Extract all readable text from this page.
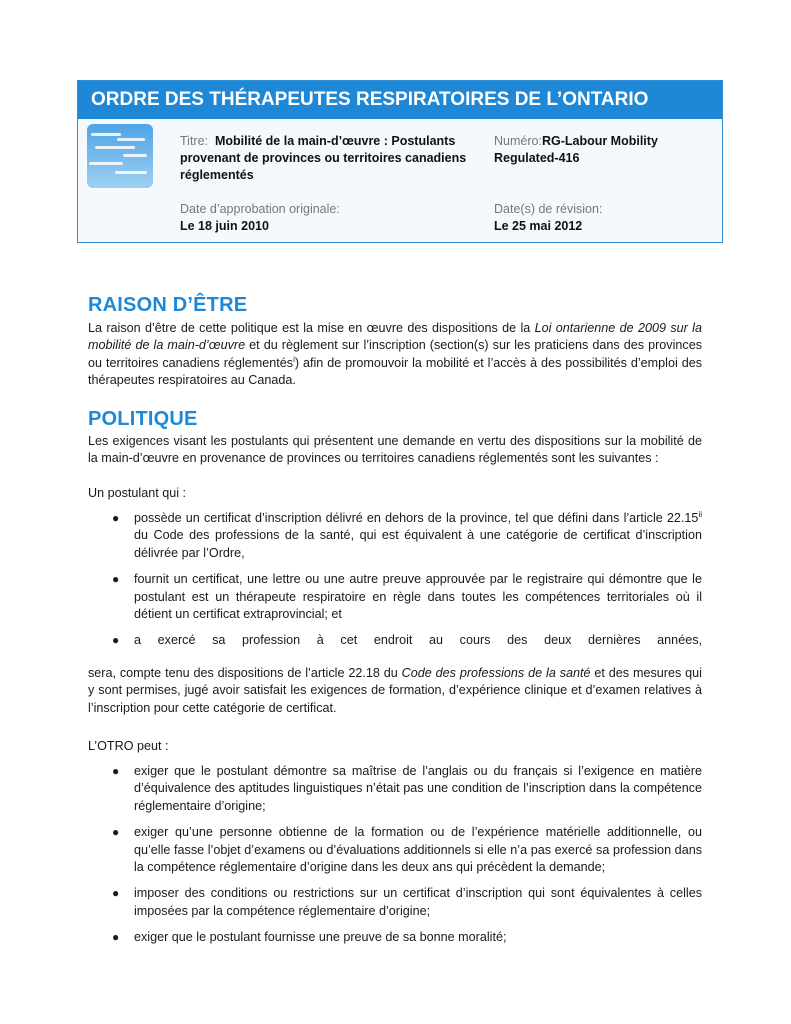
ORDRE DES THÉRAPEUTES RESPIRATOIRES DE L’ONTARIO
Titre: Mobilité de la main-d’œuvre : Postulants provenant de provinces ou territoires canadiens réglementés
Numéro:RG-Labour Mobility
Regulated-416
Date d’approbation originale:
Le 18 juin 2010
Date(s) de révision:
Le 25 mai 2012
RAISON D’ÊTRE
La raison d’être de cette politique est la mise en œuvre des dispositions de la Loi ontarienne de 2009 sur la mobilité de la main-d’œuvre et du règlement sur l’inscription (section(s) sur les praticiens dans des provinces ou territoires canadiens réglementés$^i$) afin de promouvoir la mobilité et l’accès à des possibilités d’emploi des thérapeutes respiratoires au Canada.
POLITIQUE
Les exigences visant les postulants qui présentent une demande en vertu des dispositions sur la mobilité de la main-d’œuvre en provenance de provinces ou territoires canadiens réglementés sont les suivantes :
Un postulant qui :
● possède un certificat d’inscription délivré en dehors de la province, tel que défini dans l’article 22.15$^{ii}$ du Code des professions de la santé, qui est équivalent à une catégorie de certificat d’inscription délivrée par l’Ordre,
● fournit un certificat, une lettre ou une autre preuve approuvée par le registraire qui démontre que le postulant est un thérapeute respiratoire en règle dans toutes les compétences territoriales où il détient un certificat extraprovincial; et
● a exercé sa profession à cet endroit au cours des deux dernières années,
sera, compte tenu des dispositions de l’article 22.18 du Code des professions de la santé et des mesures qui y sont permises, jugé avoir satisfait les exigences de formation, d’expérience clinique et d’examen relatives à l’inscription pour cette catégorie de certificat.
L’OTRO peut :
● exiger que le postulant démontre sa maîtrise de l’anglais ou du français si l’exigence en matière d’équivalence des aptitudes linguistiques n’était pas une condition de l’inscription dans la compétence réglementaire d’origine;
● exiger qu’une personne obtienne de la formation ou de l’expérience matérielle additionnelle, ou qu’elle fasse l’objet d’examens ou d’évaluations additionnels si elle n’a pas exercé sa profession dans la compétence réglementaire d’origine dans les deux ans qui précèdent la demande;
● imposer des conditions ou restrictions sur un certificat d’inscription qui sont équivalentes à celles imposées par la compétence réglementaire d’origine;
● exiger que le postulant fournisse une preuve de sa bonne moralité;
